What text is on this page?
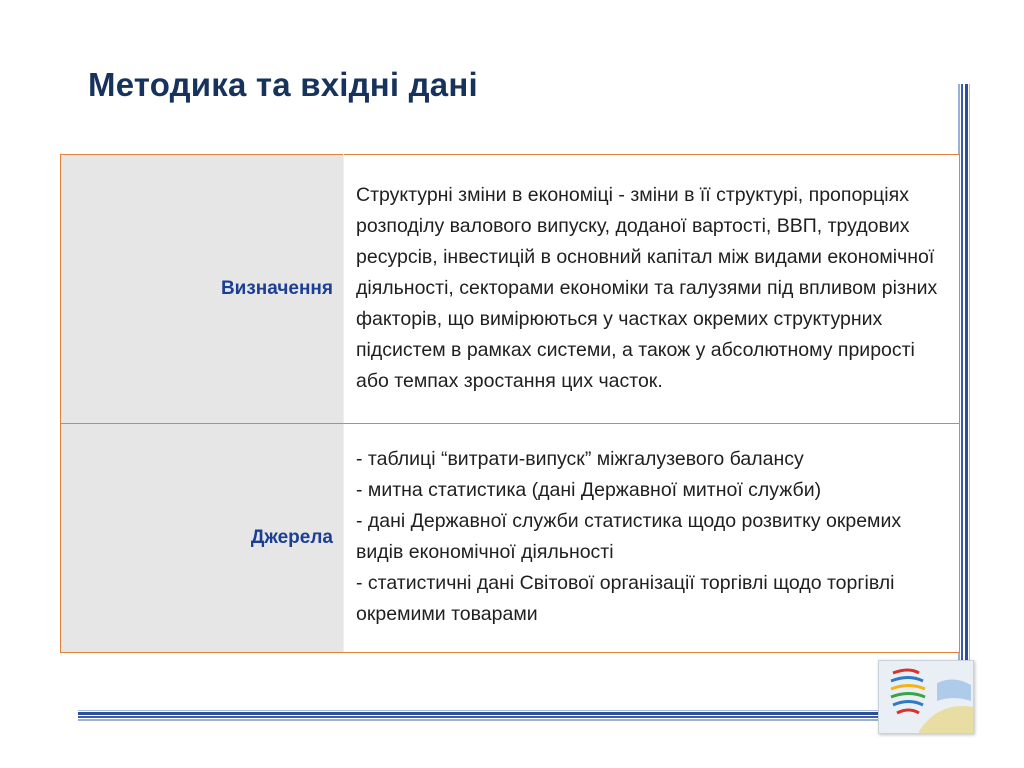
Методика та вхідні дані
Визначення	Структурні зміни в економіці - зміни в її структурі, пропорціях розподілу валового випуску, доданої вартості, ВВП, трудових ресурсів, інвестицій в основний капітал між видами економічної діяльності, секторами економіки та галузями під впливом різних факторів, що вимірюються у частках окремих структурних підсистем в рамках системи, а також у абсолютному прирості або темпах зростання цих часток.
Джерела	- таблиці “витрати-випуск” міжгалузевого балансу

- митна статистика (дані Державної митної служби)

- дані Державної служби статистика щодо розвитку окремих видів економічної діяльності

- статистичні дані Світової організації торгівлі щодо торгівлі окремими товарами
